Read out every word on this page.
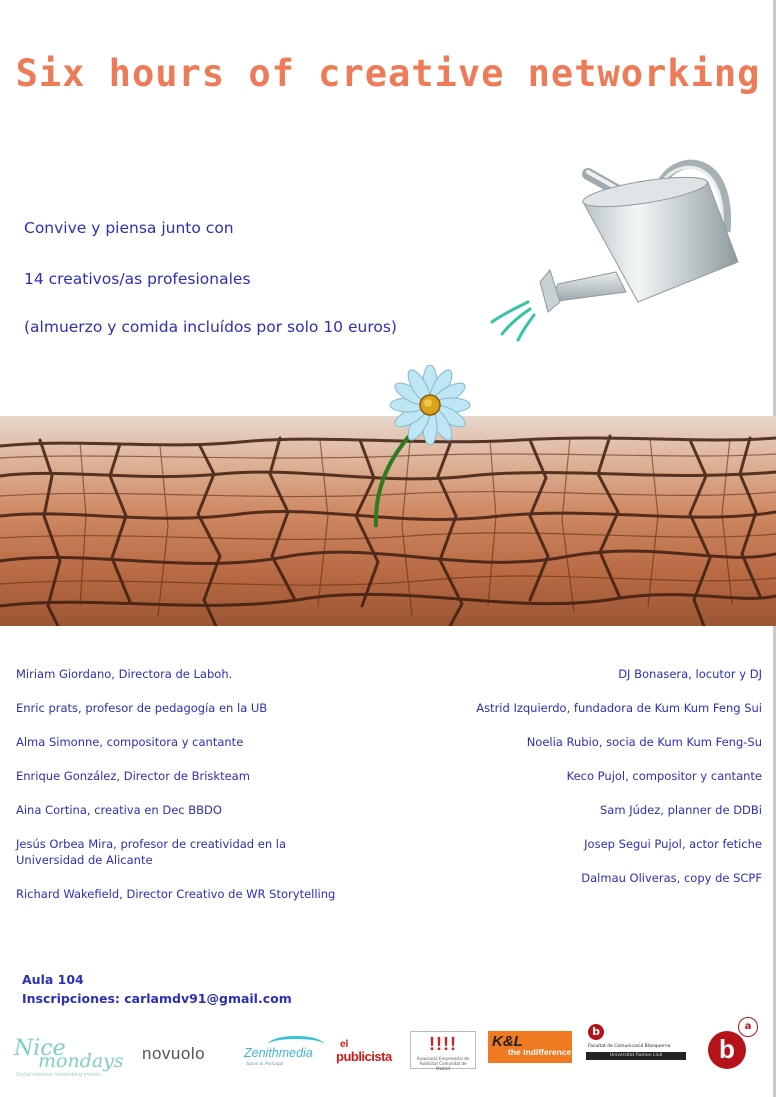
Six hours of creative networking
Convive y piensa junto con
14 creativos/as profesionales
(almuerzo y comida incluídos por solo 10 euros)
Miriam Giordano, Directora de Laboh.
Enric prats, profesor de pedagogía en la UB
Alma Simonne, compositora y cantante
Enrique González, Director de Briskteam
Aina Cortina, creativa en Dec BBDO
Jesús Orbea Mira, profesor de creatividad en la Universidad de Alicante
Richard Wakefield, Director Creativo de WR Storytelling
DJ Bonasera, locutor y DJ
Astrid Izquierdo, fundadora de Kum Kum Feng Sui
Noelia Rubio, socia de Kum Kum Feng-Su
Keco Pujol, compositor y cantante
Sam Júdez, planner de DDBi
Josep Segui Pujol, actor fetiche
Dalmau Oliveras, copy de SCPF
Aula 104
Inscripciones: carlamdv91@gmail.com
Nice
mondays
Social creative networking events
novuolo	Zenithmedia
Spain & Portugal
el
publicista
!!!!
Associació Empresarial de Publicitat Comunitat de Madrid
K&L
the indifference
b
Facultat de Comunicació Blanquerna
Universitat Ramon Llull	b
a
